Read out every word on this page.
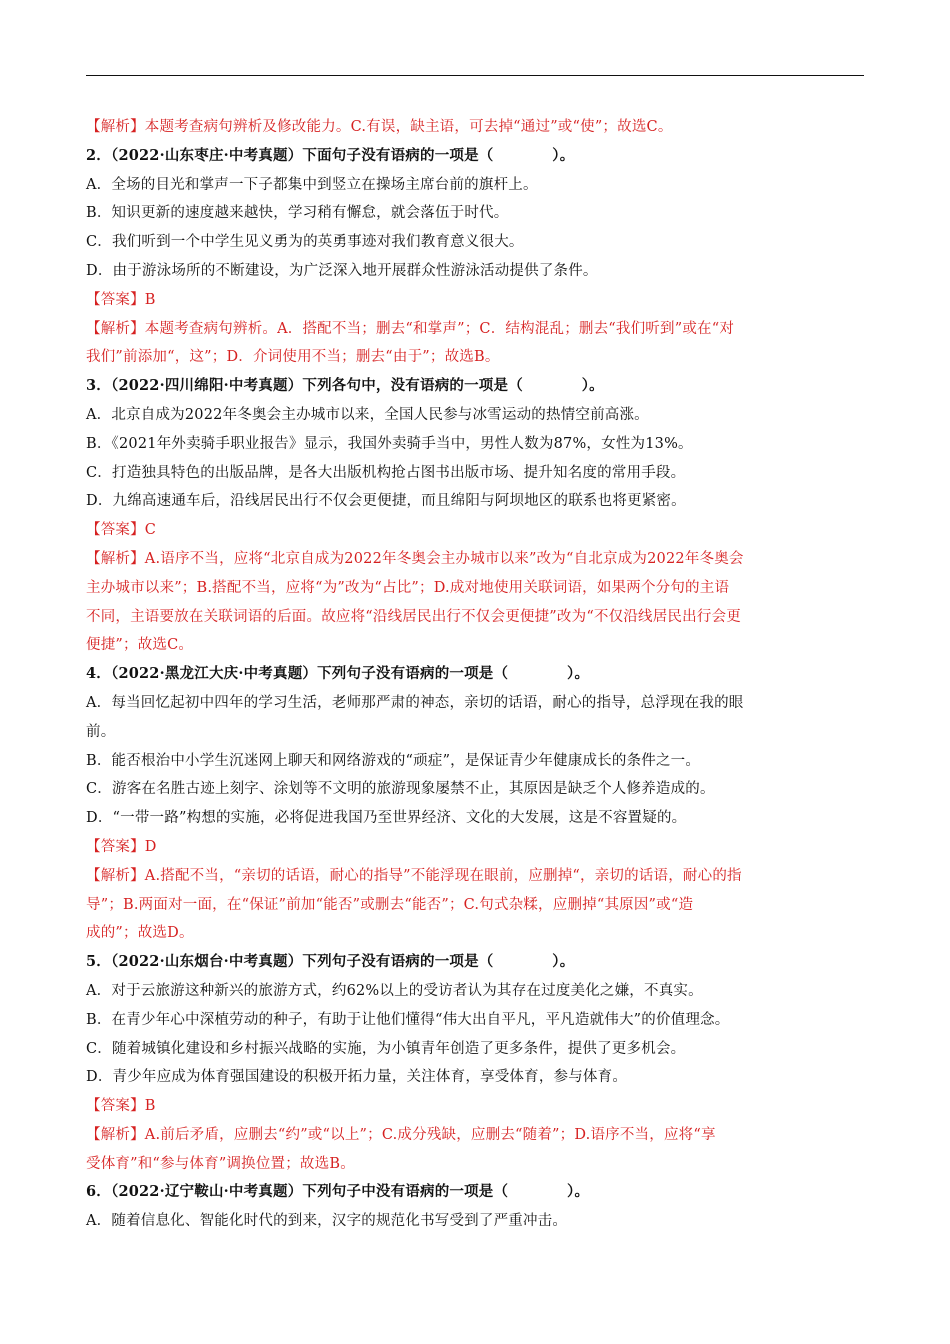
【解析】本题考查病句辨析及修改能力。C.有误，缺主语，可去掉“通过”或“使”；故选C。
2．（2022·山东枣庄·中考真题）下面句子没有语病的一项是（　　　　）。
A．全场的目光和掌声一下子都集中到竖立在操场主席台前的旗杆上。
B．知识更新的速度越来越快，学习稍有懈怠，就会落伍于时代。
C．我们听到一个中学生见义勇为的英勇事迹对我们教育意义很大。
D．由于游泳场所的不断建设，为广泛深入地开展群众性游泳活动提供了条件。
【答案】B
【解析】本题考查病句辨析。A．搭配不当；删去“和掌声”；C．结构混乱；删去“我们听到”或在“对
我们”前添加“，这”；D．介词使用不当；删去“由于”；故选B。
3．（2022·四川绵阳·中考真题）下列各句中，没有语病的一项是（　　　　）。
A．北京自成为2022年冬奥会主办城市以来，全国人民参与冰雪运动的热情空前高涨。
B．《2021年外卖骑手职业报告》显示，我国外卖骑手当中，男性人数为87%，女性为13%。
C．打造独具特色的出版品牌，是各大出版机构抢占图书出版市场、提升知名度的常用手段。
D．九绵高速通车后，沿线居民出行不仅会更便捷，而且绵阳与阿坝地区的联系也将更紧密。
【答案】C
【解析】A.语序不当，应将“北京自成为2022年冬奥会主办城市以来”改为“自北京成为2022年冬奥会
主办城市以来”；B.搭配不当，应将“为”改为“占比”；D.成对地使用关联词语，如果两个分句的主语
不同，主语要放在关联词语的后面。故应将“沿线居民出行不仅会更便捷”改为“不仅沿线居民出行会更
便捷”；故选C。
4．（2022·黑龙江大庆·中考真题）下列句子没有语病的一项是（　　　　）。
A．每当回忆起初中四年的学习生活，老师那严肃的神态，亲切的话语，耐心的指导，总浮现在我的眼
前。
B．能否根治中小学生沉迷网上聊天和网络游戏的“顽症”，是保证青少年健康成长的条件之一。
C．游客在名胜古迹上刻字、涂划等不文明的旅游现象屡禁不止，其原因是缺乏个人修养造成的。
D．“一带一路”构想的实施，必将促进我国乃至世界经济、文化的大发展，这是不容置疑的。
【答案】D
【解析】A.搭配不当，“亲切的话语，耐心的指导”不能浮现在眼前，应删掉“，亲切的话语，耐心的指
导”；B.两面对一面，在“保证”前加“能否”或删去“能否”；C.句式杂糅，应删掉“其原因”或“造
成的”；故选D。
5．（2022·山东烟台·中考真题）下列句子没有语病的一项是（　　　　）。
A．对于云旅游这种新兴的旅游方式，约62%以上的受访者认为其存在过度美化之嫌，不真实。
B．在青少年心中深植劳动的种子，有助于让他们懂得“伟大出自平凡，平凡造就伟大”的价值理念。
C．随着城镇化建设和乡村振兴战略的实施，为小镇青年创造了更多条件，提供了更多机会。
D．青少年应成为体育强国建设的积极开拓力量，关注体育，享受体育，参与体育。
【答案】B
【解析】A.前后矛盾，应删去“约”或“以上”；C.成分残缺，应删去“随着”；D.语序不当，应将“享
受体育”和“参与体育”调换位置；故选B。
6．（2022·辽宁鞍山·中考真题）下列句子中没有语病的一项是（　　　　）。
A．随着信息化、智能化时代的到来，汉字的规范化书写受到了严重冲击。
